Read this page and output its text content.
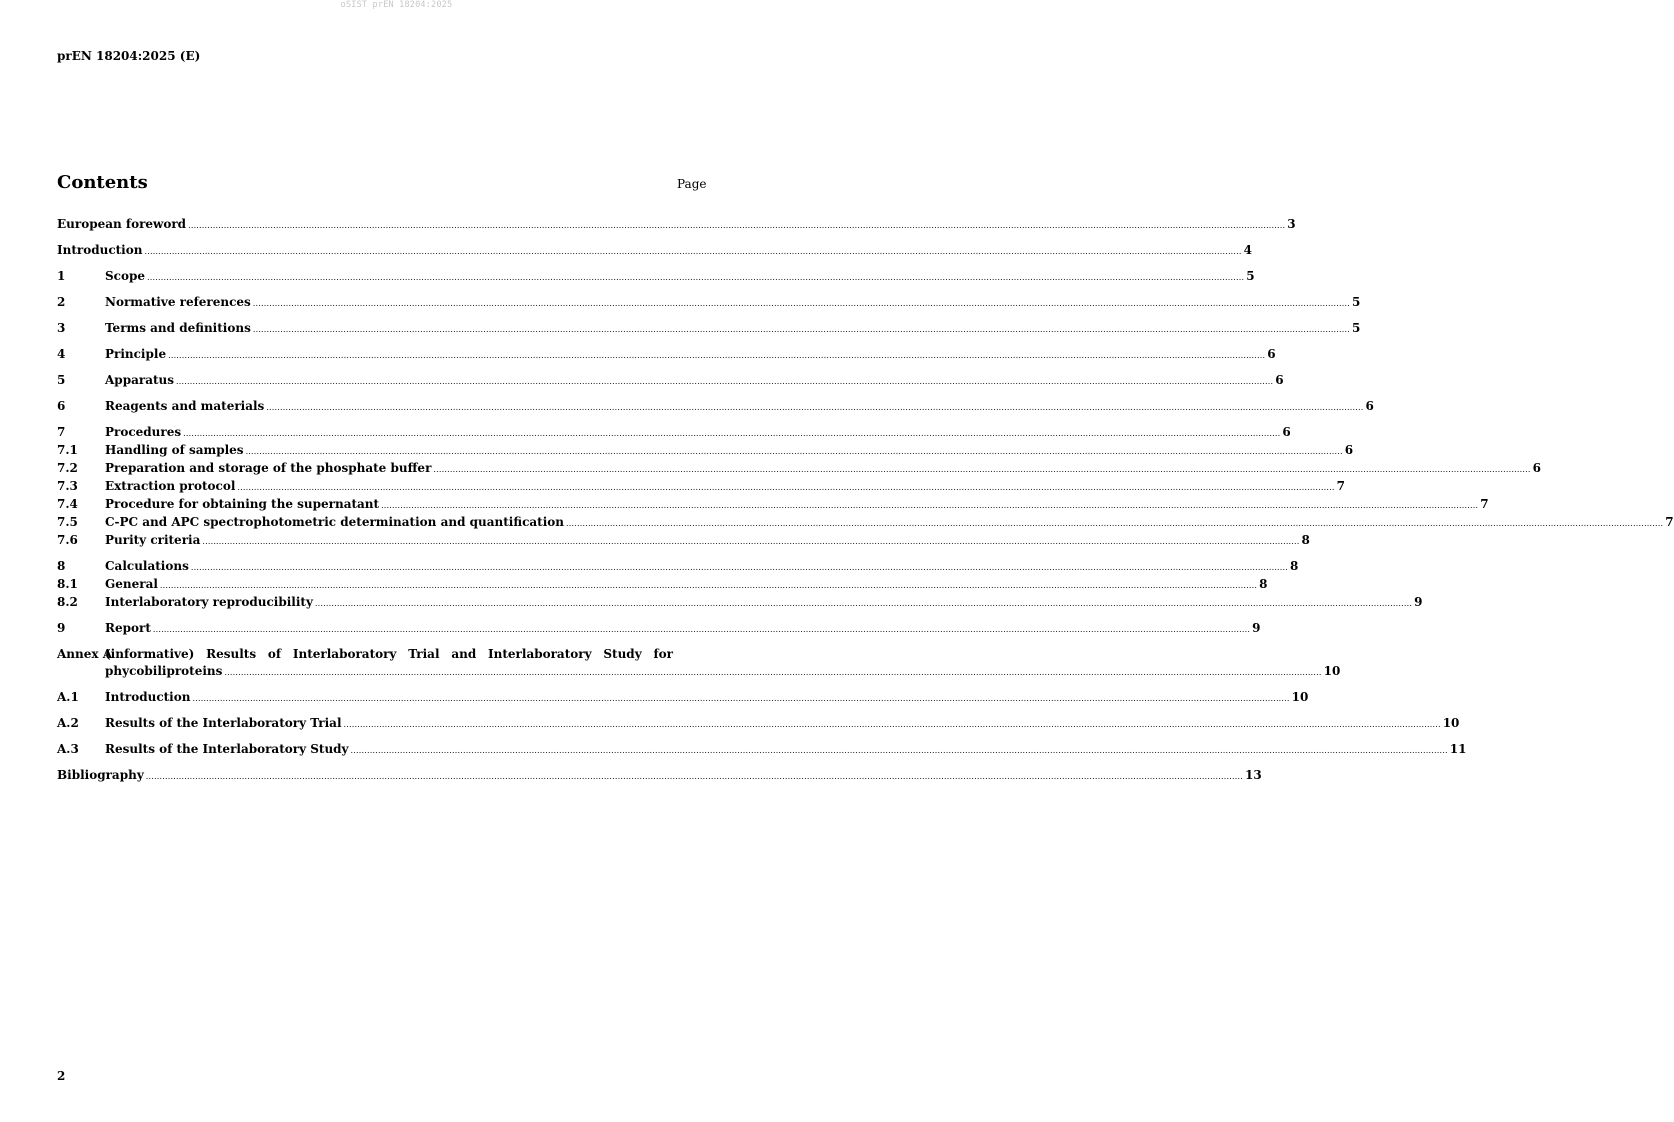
oSIST prEN 18204:2025
prEN 18204:2025 (E)
Contents	Page
European foreword ................................................................................................................................................................................................................................................................................................................................................................................................................ 3
Introduction ................................................................................................................................................................................................................................................................................................................................................................................................................ 4
1	Scope ................................................................................................................................................................................................................................................................................................................................................................................................................ 5
2	Normative references ................................................................................................................................................................................................................................................................................................................................................................................................................ 5
3	Terms and definitions ................................................................................................................................................................................................................................................................................................................................................................................................................ 5
4	Principle ................................................................................................................................................................................................................................................................................................................................................................................................................ 6
5	Apparatus ................................................................................................................................................................................................................................................................................................................................................................................................................ 6
6	Reagents and materials ................................................................................................................................................................................................................................................................................................................................................................................................................ 6
7	Procedures ................................................................................................................................................................................................................................................................................................................................................................................................................ 6
7.1	Handling of samples ................................................................................................................................................................................................................................................................................................................................................................................................................ 6
7.2	Preparation and storage of the phosphate buffer ................................................................................................................................................................................................................................................................................................................................................................................................................ 6
7.3	Extraction protocol ................................................................................................................................................................................................................................................................................................................................................................................................................ 7
7.4	Procedure for obtaining the supernatant ................................................................................................................................................................................................................................................................................................................................................................................................................ 7
7.5	C-PC and APC spectrophotometric determination and quantification ................................................................................................................................................................................................................................................................................................................................................................................................................ 7
7.6	Purity criteria ................................................................................................................................................................................................................................................................................................................................................................................................................ 8
8	Calculations ................................................................................................................................................................................................................................................................................................................................................................................................................ 8
8.1	General ................................................................................................................................................................................................................................................................................................................................................................................................................ 8
8.2	Interlaboratory reproducibility ................................................................................................................................................................................................................................................................................................................................................................................................................ 9
9	Report ................................................................................................................................................................................................................................................................................................................................................................................................................ 9
Annex A
(informative) Results of Interlaboratory Trial and Interlaboratory Study for
phycobiliproteins ................................................................................................................................................................................................................................................................................................................................................................................................................ 10
A.1	Introduction ................................................................................................................................................................................................................................................................................................................................................................................................................ 10
A.2	Results of the Interlaboratory Trial ................................................................................................................................................................................................................................................................................................................................................................................................................ 10
A.3	Results of the Interlaboratory Study ................................................................................................................................................................................................................................................................................................................................................................................................................ 11
Bibliography ................................................................................................................................................................................................................................................................................................................................................................................................................ 13
2
